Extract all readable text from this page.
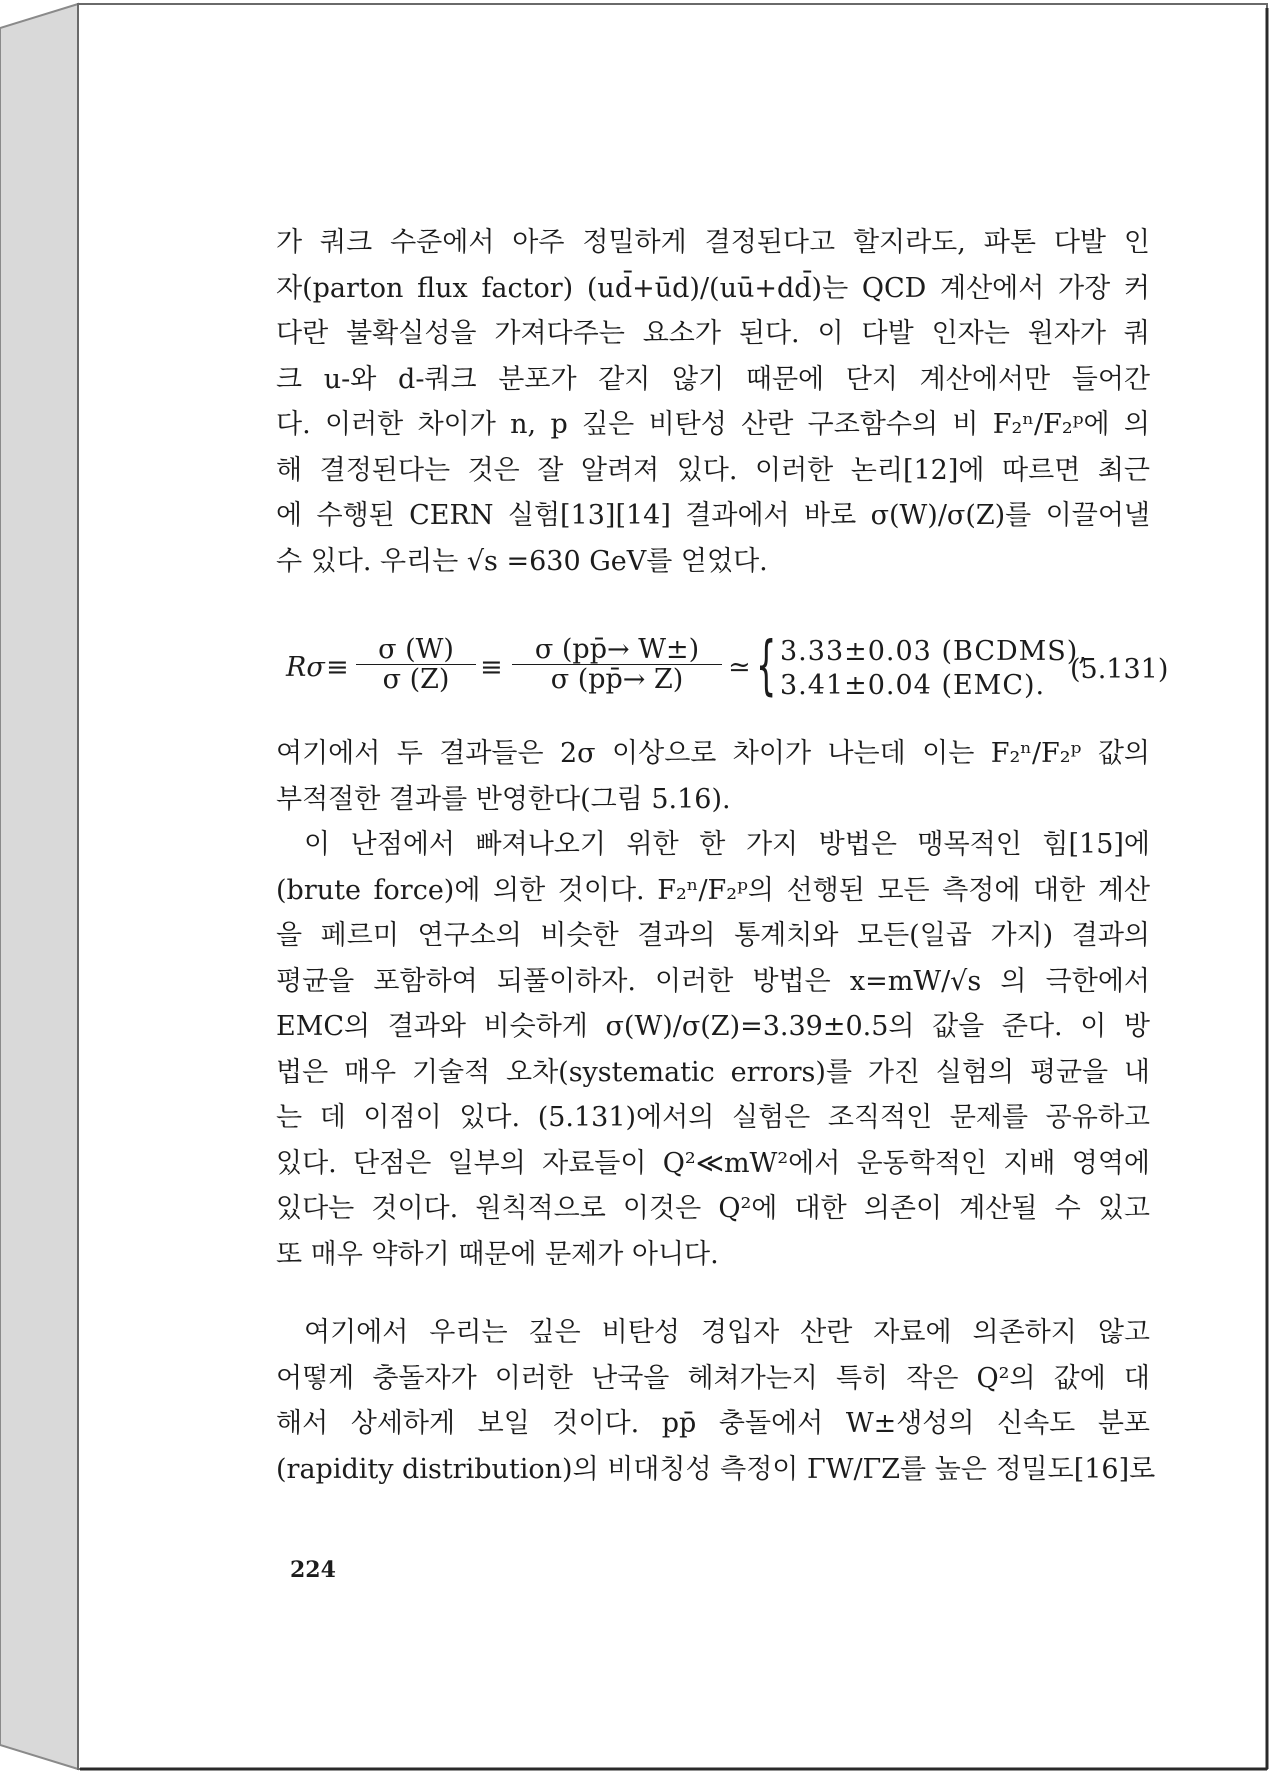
가 쿼크 수준에서 아주 정밀하게 결정된다고 할지라도, 파톤 다발 인
자(parton flux factor) (ud̄+ūd)/(uū+dd̄)는 QCD 계산에서 가장 커
다란 불확실성을 가져다주는 요소가 된다. 이 다발 인자는 원자가 쿼
크 u-와 d-쿼크 분포가 같지 않기 때문에 단지 계산에서만 들어간
다. 이러한 차이가 n, p 깊은 비탄성 산란 구조함수의 비 F₂ⁿ/F₂ᵖ에 의
해 결정된다는 것은 잘 알려져 있다. 이러한 논리[12]에 따르면 최근
에 수행된 CERN 실험[13][14] 결과에서 바로 σ(W)/σ(Z)를 이끌어낼
수 있다. 우리는 √s =630 GeV를 얻었다.
$R\sigma \equiv \frac{\sigma (W)}{\sigma (Z)} \equiv \frac{\sigma (pp̄\to W\pm)}{\sigma (pp̄\to Z)}$ ≃ { 3.33±0.03 (BCDMS),
3.41±0.04 (EMC).
(5.131)
여기에서 두 결과들은 2σ 이상으로 차이가 나는데 이는 F₂ⁿ/F₂ᵖ 값의
부적절한 결과를 반영한다(그림 5.16).
이 난점에서 빠져나오기 위한 한 가지 방법은 맹목적인 힘[15]에
(brute force)에 의한 것이다. F₂ⁿ/F₂ᵖ의 선행된 모든 측정에 대한 계산
을 페르미 연구소의 비슷한 결과의 통계치와 모든(일곱 가지) 결과의
평균을 포함하여 되풀이하자. 이러한 방법은 x=mW/√s 의 극한에서
EMC의 결과와 비슷하게 σ(W)/σ(Z)=3.39±0.5의 값을 준다. 이 방
법은 매우 기술적 오차(systematic errors)를 가진 실험의 평균을 내
는 데 이점이 있다. (5.131)에서의 실험은 조직적인 문제를 공유하고
있다. 단점은 일부의 자료들이 Q²≪mW²에서 운동학적인 지배 영역에
있다는 것이다. 원칙적으로 이것은 Q²에 대한 의존이 계산될 수 있고
또 매우 약하기 때문에 문제가 아니다.
여기에서 우리는 깊은 비탄성 경입자 산란 자료에 의존하지 않고
어떻게 충돌자가 이러한 난국을 헤쳐가는지 특히 작은 Q²의 값에 대
해서 상세하게 보일 것이다. pp̄ 충돌에서 W±생성의 신속도 분포
(rapidity distribution)의 비대칭성 측정이 ΓW/ΓZ를 높은 정밀도[16]로
224
